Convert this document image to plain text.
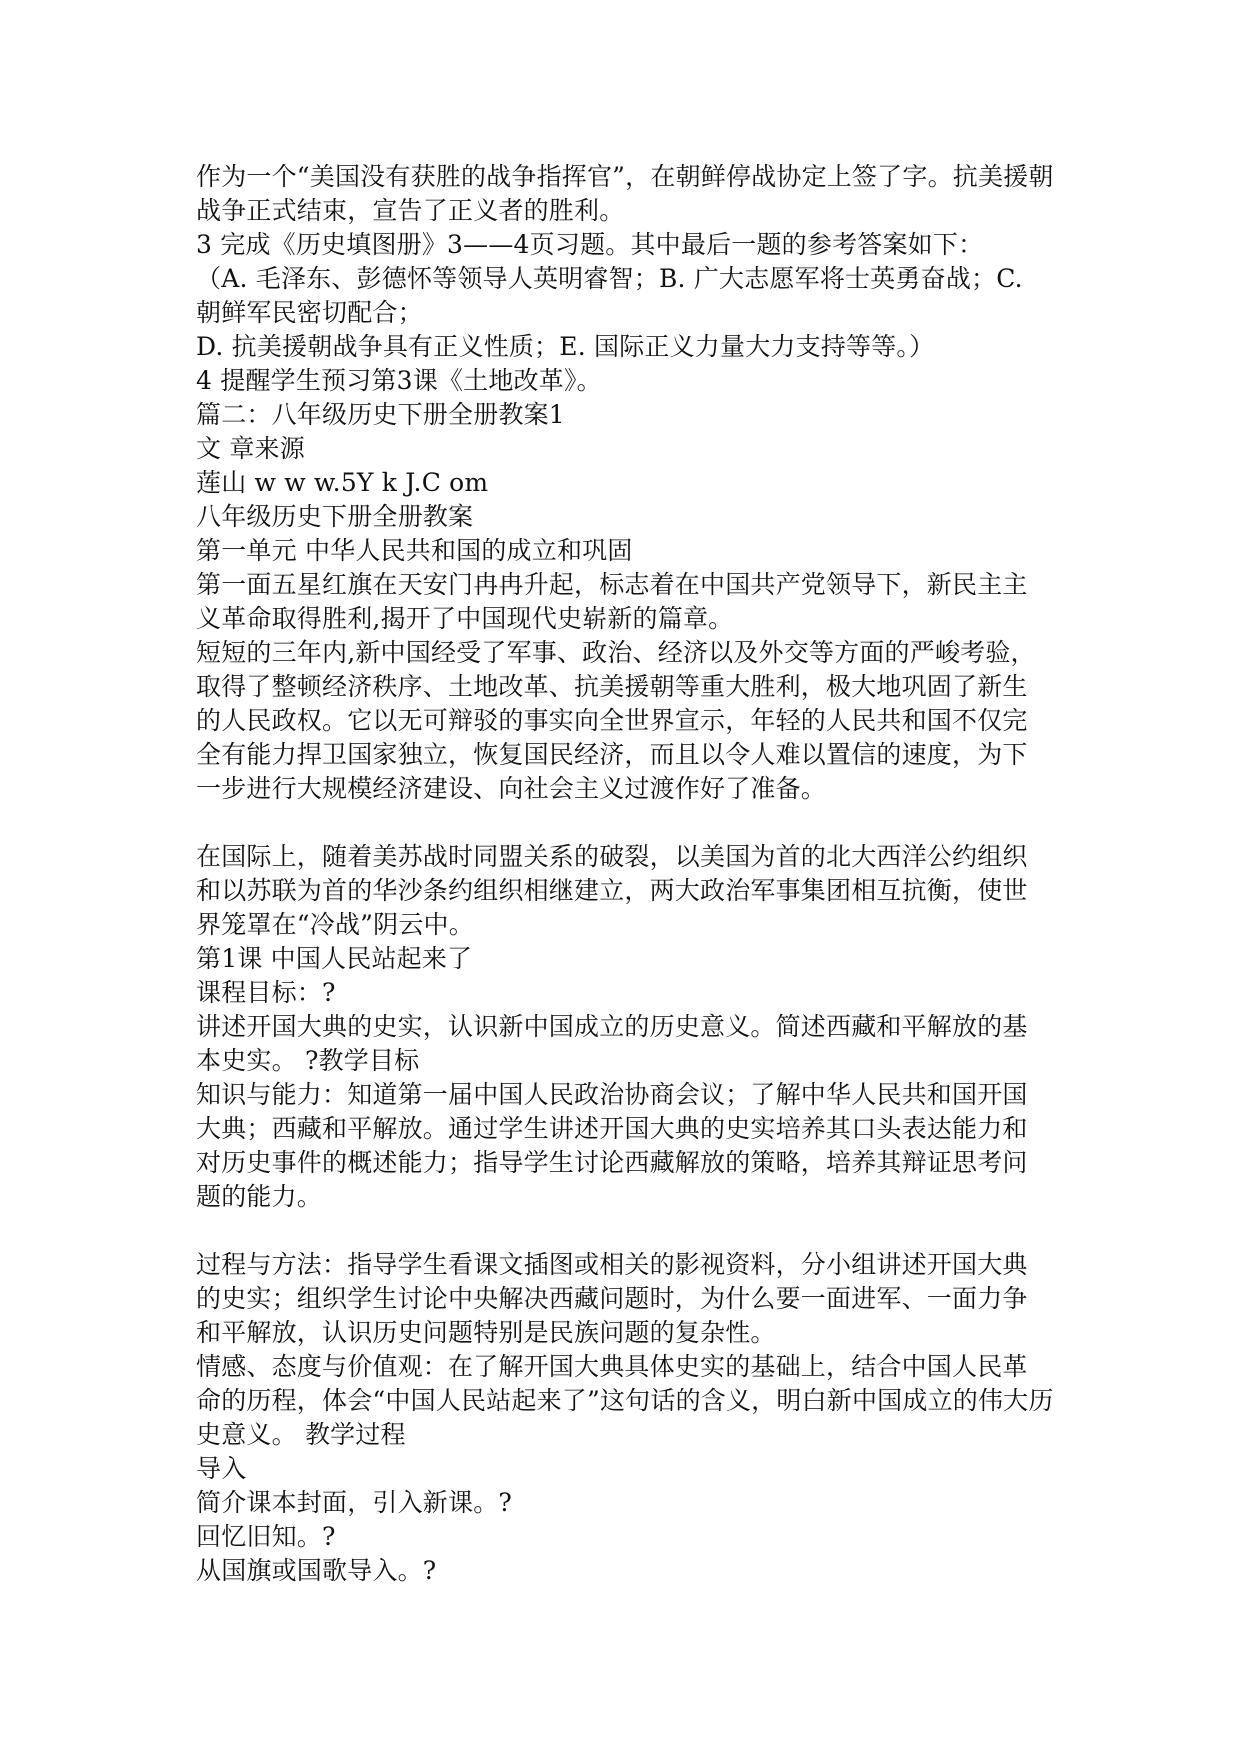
作为一个“美国没有获胜的战争指挥官”，在朝鲜停战协定上签了字。抗美援朝
战争正式结束，宣告了正义者的胜利。
3 完成《历史填图册》3——4页习题。其中最后一题的参考答案如下：
（A. 毛泽东、彭德怀等领导人英明睿智；B. 广大志愿军将士英勇奋战；C.
朝鲜军民密切配合；
D. 抗美援朝战争具有正义性质；E. 国际正义力量大力支持等等。）
4 提醒学生预习第3课《土地改革》。
篇二：八年级历史下册全册教案1
文 章来源
莲山 w w w.5Y k J.C om
八年级历史下册全册教案
第一单元 中华人民共和国的成立和巩固
第一面五星红旗在天安门冉冉升起，标志着在中国共产党领导下，新民主主
义革命取得胜利,揭开了中国现代史崭新的篇章。
短短的三年内,新中国经受了军事、政治、经济以及外交等方面的严峻考验，
取得了整顿经济秩序、土地改革、抗美援朝等重大胜利，极大地巩固了新生
的人民政权。它以无可辩驳的事实向全世界宣示，年轻的人民共和国不仅完
全有能力捍卫国家独立，恢复国民经济，而且以令人难以置信的速度，为下
一步进行大规模经济建设、向社会主义过渡作好了准备。
在国际上，随着美苏战时同盟关系的破裂，以美国为首的北大西洋公约组织
和以苏联为首的华沙条约组织相继建立，两大政治军事集团相互抗衡，使世
界笼罩在“冷战”阴云中。
第1课 中国人民站起来了
课程目标：?
讲述开国大典的史实，认识新中国成立的历史意义。简述西藏和平解放的基
本史实。 ?教学目标
知识与能力：知道第一届中国人民政治协商会议；了解中华人民共和国开国
大典；西藏和平解放。通过学生讲述开国大典的史实培养其口头表达能力和
对历史事件的概述能力；指导学生讨论西藏解放的策略，培养其辩证思考问
题的能力。
过程与方法：指导学生看课文插图或相关的影视资料，分小组讲述开国大典
的史实；组织学生讨论中央解决西藏问题时，为什么要一面进军、一面力争
和平解放，认识历史问题特别是民族问题的复杂性。
情感、态度与价值观：在了解开国大典具体史实的基础上，结合中国人民革
命的历程，体会“中国人民站起来了”这句话的含义，明白新中国成立的伟大历
史意义。 教学过程
导入
简介课本封面，引入新课。?
回忆旧知。?
从国旗或国歌导入。?
